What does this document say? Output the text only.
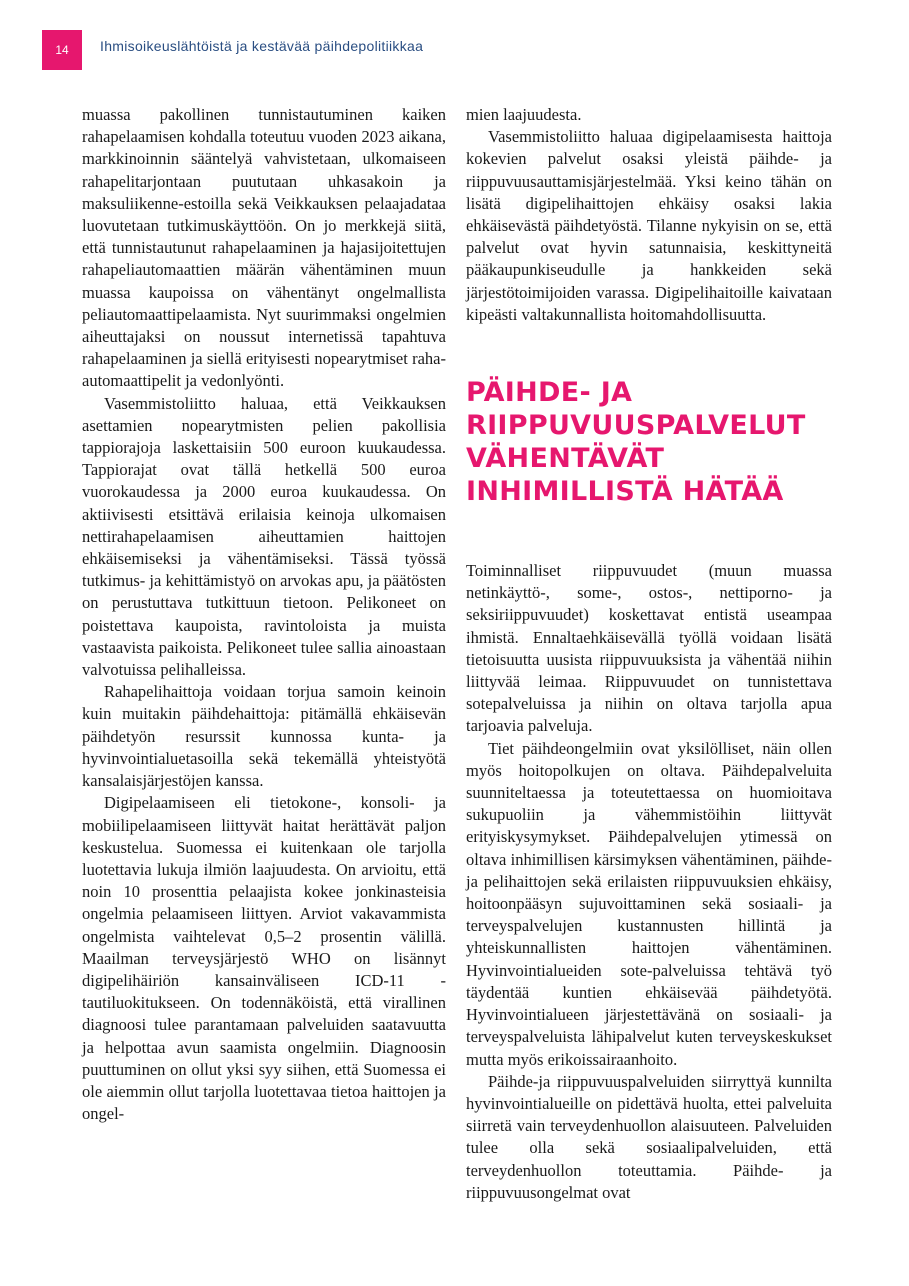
14	Ihmisoikeuslähtöistä ja kestävää päihdepolitiikkaa

muassa pakollinen tunnistautuminen kaiken rahapelaamisen kohdalla toteutuu vuoden 2023 aikana, markkinoinnin sääntelyä vahvistetaan, ulkomaiseen rahapelitarjontaan puututaan uhkasakoin ja maksuliikenne-estoilla sekä Veikkauksen pelaajadataa luovutetaan tutkimuskäyttöön. On jo merkkejä siitä, että tunnistautunut rahapelaaminen ja hajasijoitettujen rahapeliautomaattien määrän vähentäminen muun muassa kaupoissa on vähentänyt ongelmallista peliautomaattipelaamista. Nyt suurimmaksi ongelmien aiheuttajaksi on noussut internetissä tapahtuva rahapelaaminen ja siellä erityisesti nopearytmiset raha-automaattipelit ja vedonlyönti.

Vasemmistoliitto haluaa, että Veikkauksen asettamien nopearytmisten pelien pakollisia tappiorajoja laskettaisiin 500 euroon kuukaudessa. Tappiorajat ovat tällä hetkellä 500 euroa vuorokaudessa ja 2000 euroa kuukaudessa. On aktiivisesti etsittävä erilaisia keinoja ulkomaisen nettirahapelaamisen aiheuttamien haittojen ehkäisemiseksi ja vähentämiseksi. Tässä työssä tutkimus- ja kehittämistyö on arvokas apu, ja päätösten on perustuttava tutkittuun tietoon. Pelikoneet on poistettava kaupoista, ravintoloista ja muista vastaavista paikoista. Pelikoneet tulee sallia ainoastaan valvotuissa pelihalleissa.

Rahapelihaittoja voidaan torjua samoin keinoin kuin muitakin päihdehaittoja: pitämällä ehkäisevän päihdetyön resurssit kunnossa kunta- ja hyvinvointialuetasoilla sekä tekemällä yhteistyötä kansalaisjärjestöjen kanssa.

Digipelaamiseen eli tietokone-, konsoli- ja mobiilipelaamiseen liittyvät haitat herättävät paljon keskustelua. Suomessa ei kuitenkaan ole tarjolla luotettavia lukuja ilmiön laajuudesta. On arvioitu, että noin 10 prosenttia pelaajista kokee jonkinasteisia ongelmia pelaamiseen liittyen. Arviot vakavammista ongelmista vaihtelevat 0,5–2 prosentin välillä. Maailman terveysjärjestö WHO on lisännyt digipelihäiriön kansainväliseen ICD-11 -tautiluokitukseen. On todennäköistä, että virallinen diagnoosi tulee parantamaan palveluiden saatavuutta ja helpottaa avun saamista ongelmiin. Diagnoosin puuttuminen on ollut yksi syy siihen, että Suomessa ei ole aiemmin ollut tarjolla luotettavaa tietoa haittojen ja ongel-

mien laajuudesta.

Vasemmistoliitto haluaa digipelaamisesta haittoja kokevien palvelut osaksi yleistä päihde- ja riippuvuusauttamisjärjestelmää. Yksi keino tähän on lisätä digipelihaittojen ehkäisy osaksi lakia ehkäisevästä päihdetyöstä. Tilanne nykyisin on se, että palvelut ovat hyvin satunnaisia, keskittyneitä pääkaupunkiseudulle ja hankkeiden sekä järjestötoimijoiden varassa. Digipelihaitoille kaivataan kipeästi valtakunnallista hoitomahdollisuutta.

PÄIHDE- JA RIIPPUVUUSPALVELUT VÄHENTÄVÄT INHIMILLISTÄ HÄTÄÄ

Toiminnalliset riippuvuudet (muun muassa netinkäyttö-, some-, ostos-, nettiporno- ja seksiriippuvuudet) koskettavat entistä useampaa ihmistä. Ennaltaehkäisevällä työllä voidaan lisätä tietoisuutta uusista riippuvuuksista ja vähentää niihin liittyvää leimaa. Riippuvuudet on tunnistettava sotepalveluissa ja niihin on oltava tarjolla apua tarjoavia palveluja.

Tiet päihdeongelmiin ovat yksilölliset, näin ollen myös hoitopolkujen on oltava. Päihdepalveluita suunniteltaessa ja toteutettaessa on huomioitava sukupuoliin ja vähemmistöihin liittyvät erityiskysymykset. Päihdepalvelujen ytimessä on oltava inhimillisen kärsimyksen vähentäminen, päihde- ja pelihaittojen sekä erilaisten riippuvuuksien ehkäisy, hoitoonpääsyn sujuvoittaminen sekä sosiaali- ja terveyspalvelujen kustannusten hillintä ja yhteiskunnallisten haittojen vähentäminen. Hyvinvointialueiden sote-palveluissa tehtävä työ täydentää kuntien ehkäisevää päihdetyötä. Hyvinvointialueen järjestettävänä on sosiaali- ja terveyspalveluista lähipalvelut kuten terveyskeskukset mutta myös erikoissairaanhoito.

Päihde-ja riippuvuuspalveluiden siirryttyä kunnilta hyvinvointialueille on pidettävä huolta, ettei palveluita siirretä vain terveydenhuollon alaisuuteen. Palveluiden tulee olla sekä sosiaalipalveluiden, että terveydenhuollon toteuttamia. Päihde- ja riippuvuusongelmat ovat
